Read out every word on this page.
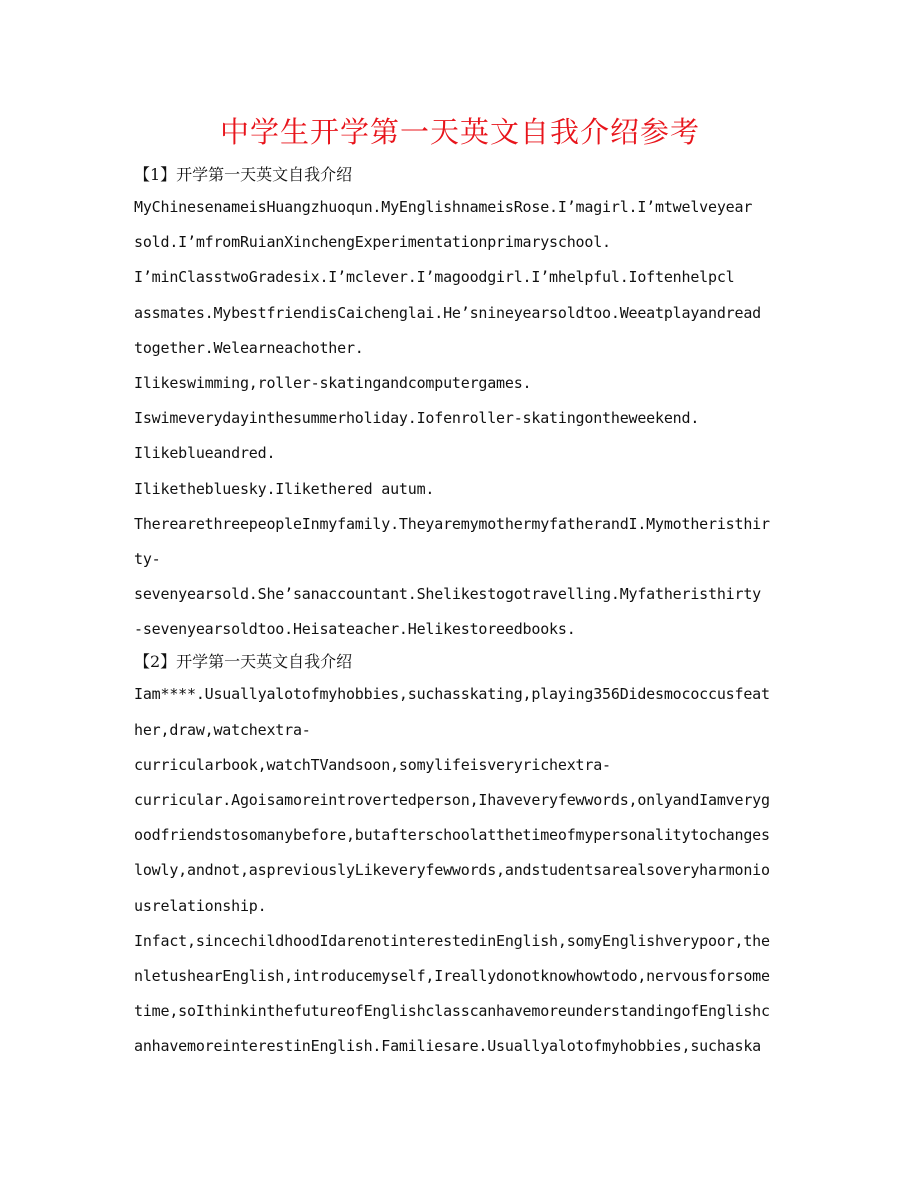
中学生开学第一天英文自我介绍参考
【1】开学第一天英文自我介绍

MyChinesenameisHuangzhuoqun.MyEnglishnameisRose.I’magirl.I’mtwelveyear

sold.I’mfromRuianXinchengExperimentationprimaryschool.

I’minClasstwoGradesix.I’mclever.I’magoodgirl.I’mhelpful.Ioftenhelpcl

assmates.MybestfriendisCaichenglai.He’snineyearsoldtoo.Weeatplayandread

together.Welearneachother.

Ilikeswimming,roller-skatingandcomputergames.

Iswimeverydayinthesummerholiday.Iofenroller-skatingontheweekend.

Ilikeblueandred.

Ilikethebluesky.Ilikethered autum.

TherearethreepeopleInmyfamily.TheyaremymothermyfatherandI.Mymotheristhir

ty-

sevenyearsold.She’sanaccountant.Shelikestogotravelling.Myfatheristhirty

-sevenyearsoldtoo.Heisateacher.Helikestoreedbooks.

【2】开学第一天英文自我介绍

Iam****.Usuallyalotofmyhobbies,suchasskating,playing356Didesmococcusfeat

her,draw,watchextra-

curricularbook,watchTVandsoon,somylifeisveryrichextra-

curricular.Agoisamoreintrovertedperson,Ihaveveryfewwords,onlyandIamveryg

oodfriendstosomanybefore,butafterschoolatthetimeofmypersonalitytochanges

lowly,andnot,aspreviouslyLikeveryfewwords,andstudentsarealsoveryharmonio

usrelationship.

Infact,sincechildhoodIdarenotinterestedinEnglish,somyEnglishverypoor,the

nletushearEnglish,introducemyself,Ireallydonotknowhowtodo,nervousforsome

time,soIthinkinthefutureofEnglishclasscanhavemoreunderstandingofEnglishc

anhavemoreinterestinEnglish.Familiesare.Usuallyalotofmyhobbies,suchaska
